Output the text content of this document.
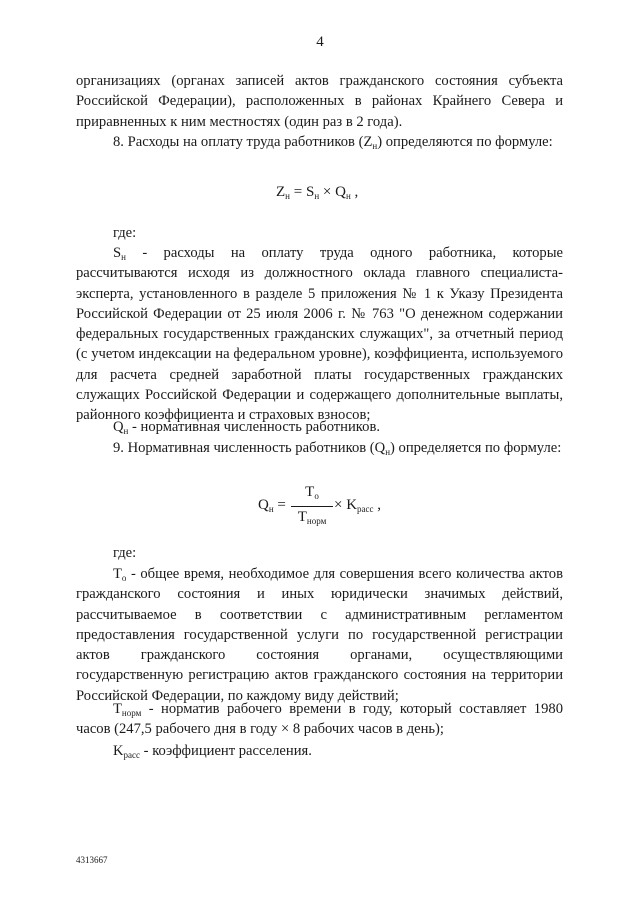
4
организациях (органах записей актов гражданского состояния субъекта Российской Федерации), расположенных в районах Крайнего Севера и приравненных к ним местностях (один раз в 2 года).
8. Расходы на оплату труда работников $(Z_н)$ определяются по формуле:
$Z_н = S_н \times Q_н$ ,
где:
$S_н$ - расходы на оплату труда одного работника, которые рассчитываются исходя из должностного оклада главного специалиста-эксперта, установленного в разделе 5 приложения № 1 к Указу Президента Российской Федерации от 25 июля 2006 г. № 763 "О денежном содержании федеральных государственных гражданских служащих", за отчетный период (с учетом индексации на федеральном уровне), коэффициента, используемого для расчета средней заработной платы государственных гражданских служащих Российской Федерации и содержащего дополнительные выплаты, районного коэффициента и страховых взносов;
$Q_н$ - нормативная численность работников.
9. Нормативная численность работников $(Q_н)$ определяется по формуле:
$Q_н$ =
$T_о$
$T_{норм}$
× $K_{расс}$ ,
где:
$T_о$ - общее время, необходимое для совершения всего количества актов гражданского состояния и иных юридически значимых действий, рассчитываемое в соответствии с административным регламентом предоставления государственной услуги по государственной регистрации актов гражданского состояния органами, осуществляющими государственную регистрацию актов гражданского состояния на территории Российской Федерации, по каждому виду действий;
$T_{норм}$ - норматив рабочего времени в году, который составляет 1980 часов (247,5 рабочего дня в году × 8 рабочих часов в день);
$K_{расс}$ - коэффициент расселения.
4313667
